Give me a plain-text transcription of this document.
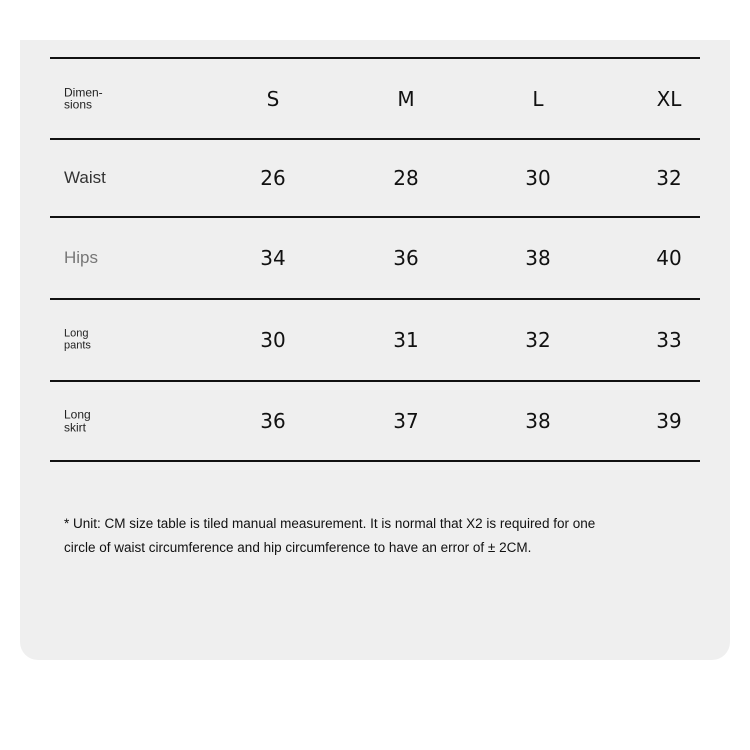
Dimen- sions	S	M	L	XL
Waist	26	28	30	32
Hips	34	36	38	40
Long pants	30	31	32	33
Long skirt	36	37	38	39
* Unit: CM size table is tiled manual measurement. It is normal that X2 is required for one circle of waist circumference and hip circumference to have an error of ± 2CM.
